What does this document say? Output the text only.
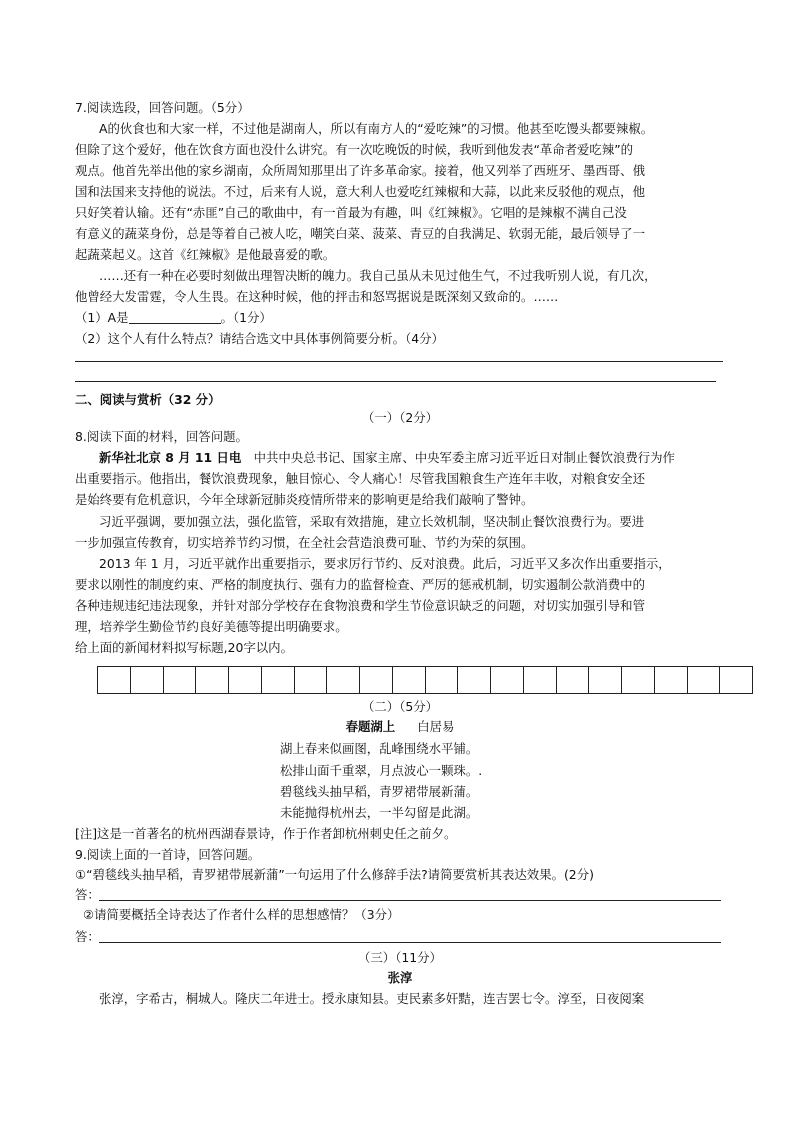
7.阅读选段，回答问题。（5分）
A的伙食也和大家一样，不过他是湖南人，所以有南方人的“爱吃辣”的习惯。他甚至吃馒头都要辣椒。
但除了这个爱好，他在饮食方面也没什么讲究。有一次吃晚饭的时候，我听到他发表“革命者爱吃辣”的
观点。他首先举出他的家乡湖南，众所周知那里出了许多革命家。接着，他又列举了西班牙、墨西哥、俄
国和法国来支持他的说法。不过，后来有人说，意大利人也爱吃红辣椒和大蒜，以此来反驳他的观点，他
只好笑着认输。还有“赤匪”自己的歌曲中，有一首最为有趣，叫《红辣椒》。它唱的是辣椒不满自己没
有意义的蔬菜身份，总是等着自己被人吃，嘲笑白菜、菠菜、青豆的自我满足、软弱无能，最后领导了一
起蔬菜起义。这首《红辣椒》是他最喜爱的歌。
……还有一种在必要时刻做出理智决断的魄力。我自己虽从未见过他生气，不过我听别人说，有几次，
他曾经大发雷霆，令人生畏。在这种时候，他的抨击和怒骂据说是既深刻又致命的。……
（1）A是	。（1分）
（2）这个人有什么特点？请结合选文中具体事例简要分析。（4分）
二、阅读与赏析（32 分）
（一）（2分）
8.阅读下面的材料，回答问题。
新华社北京 8 月 11 日电　中共中央总书记、国家主席、中央军委主席习近平近日对制止餐饮浪费行为作
出重要指示。他指出，餐饮浪费现象，触目惊心、令人痛心！尽管我国粮食生产连年丰收，对粮食安全还
是始终要有危机意识，今年全球新冠肺炎疫情所带来的影响更是给我们敲响了警钟。
习近平强调，要加强立法，强化监管，采取有效措施，建立长效机制，坚决制止餐饮浪费行为。要进
一步加强宣传教育，切实培养节约习惯，在全社会营造浪费可耻、节约为荣的氛围。
2013 年 1 月，习近平就作出重要指示，要求厉行节约、反对浪费。此后，习近平又多次作出重要指示，
要求以刚性的制度约束、严格的制度执行、强有力的监督检查、严厉的惩戒机制，切实遏制公款消费中的
各种违规违纪违法现象，并针对部分学校存在食物浪费和学生节俭意识缺乏的问题，对切实加强引导和管
理，培养学生勤俭节约良好美德等提出明确要求。
给上面的新闻材料拟写标题,20字以内。
（二）（5分）
春题湖上 白居易
湖上春来似画图，乱峰围绕水平铺。
松排山面千重翠，月点波心一颗珠。.
碧毯线头抽早稻，青罗裙带展新蒲。
未能抛得杭州去，一半勾留是此湖。
[注]这是一首著名的杭州西湖春景诗，作于作者卸杭州刺史任之前夕。
9.阅读上面的一首诗，回答问题。
①“碧毯线头抽早稻，青罗裙带展新蒲”一句运用了什么修辞手法?请简要赏析其表达效果。(2分)
答：
②请简要概括全诗表达了作者什么样的思想感情？（3分）
答：
（三）（11分）
张淳
张淳，字希古，桐城人。隆庆二年进士。授永康知县。吏民素多奸黠，连吉罢七令。淳至，日夜阅案
